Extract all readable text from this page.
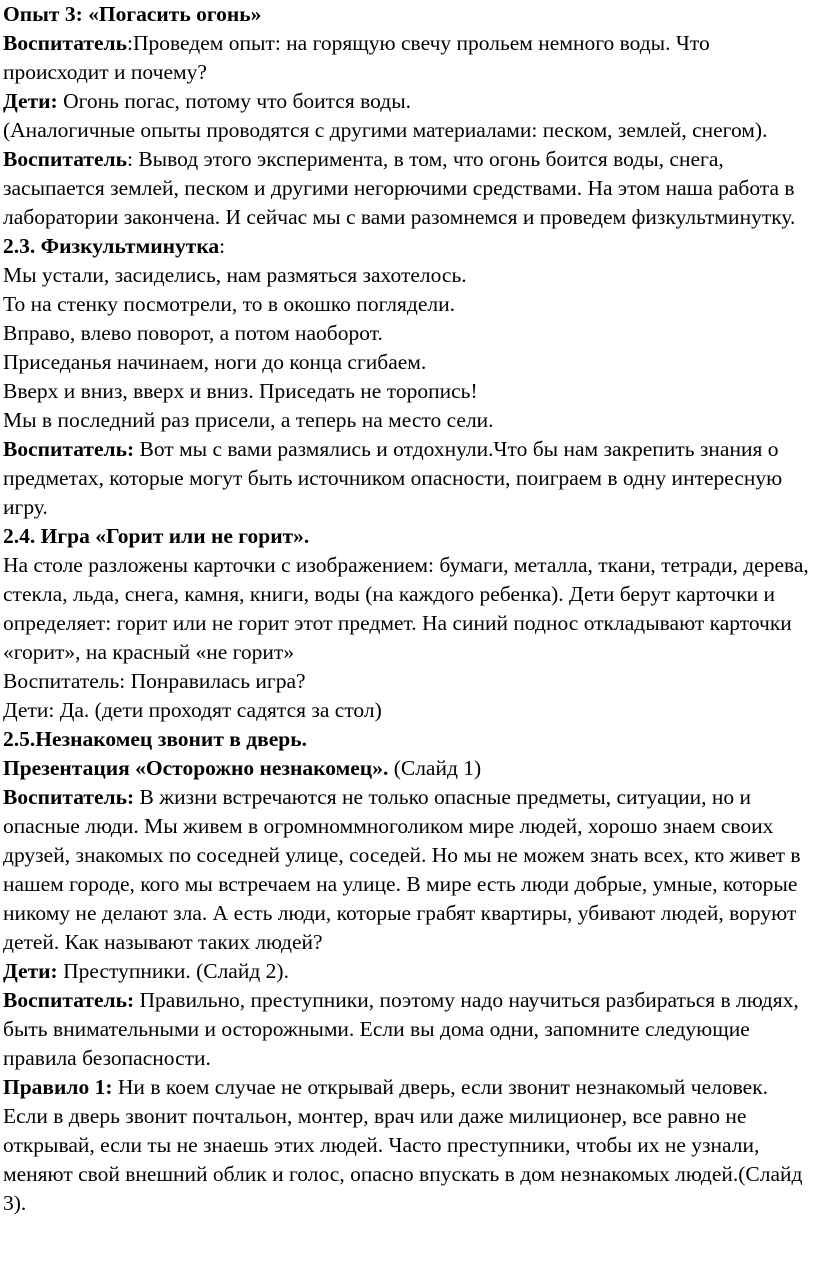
Опыт 3: «Погасить огонь»

Воспитатель:Проведем опыт: на горящую свечу прольем немного воды. Что происходит и почему?

Дети: Огонь погас, потому что боится воды.

(Аналогичные опыты проводятся с другими материалами: песком, землей, снегом).

Воспитатель: Вывод этого эксперимента, в том, что огонь боится воды, снега, засыпается землей, песком и другими негорючими средствами. На этом наша работа в лаборатории закончена. И сейчас мы с вами разомнемся и проведем физкультминутку.

2.3. Физкультминутка:

Мы устали, засиделись, нам размяться захотелось.

То на стенку посмотрели, то в окошко поглядели.

Вправо, влево поворот, а потом наоборот.

Приседанья начинаем, ноги до конца сгибаем.

Вверх и вниз, вверх и вниз. Приседать не торопись!

Мы в последний раз присели, а теперь на место сели.

Воспитатель: Вот мы с вами размялись и отдохнули.Что бы нам закрепить знания о предметах, которые могут быть источником опасности, поиграем в одну интересную игру.

2.4. Игра «Горит или не горит».

На столе разложены карточки с изображением: бумаги, металла, ткани, тетради, дерева, стекла, льда, снега, камня, книги, воды (на каждого ребенка). Дети берут карточки и определяет: горит или не горит этот предмет. На синий поднос откладывают карточки «горит», на красный «не горит»

Воспитатель: Понравилась игра?

Дети: Да. (дети проходят садятся за стол)

2.5.Незнакомец звонит в дверь.

Презентация «Осторожно незнакомец». (Слайд 1)

Воспитатель: В жизни встречаются не только опасные предметы, ситуации, но и опасные люди. Мы живем в огромноммноголиком мире людей, хорошо знаем своих друзей, знакомых по соседней улице, соседей. Но мы не можем знать всех, кто живет в нашем городе, кого мы встречаем на улице. В мире есть люди добрые, умные, которые никому не делают зла. А есть люди, которые грабят квартиры, убивают людей, воруют детей. Как называют таких людей?

Дети: Преступники. (Слайд 2).

Воспитатель: Правильно, преступники, поэтому надо научиться разбираться в людях, быть внимательными и осторожными. Если вы дома одни, запомните следующие правила безопасности.

Правило 1: Ни в коем случае не открывай дверь, если звонит незнакомый человек. Если в дверь звонит почтальон, монтер, врач или даже милиционер, все равно не открывай, если ты не знаешь этих людей. Часто преступники, чтобы их не узнали, меняют свой внешний облик и голос, опасно впускать в дом незнакомых людей.(Слайд 3).
